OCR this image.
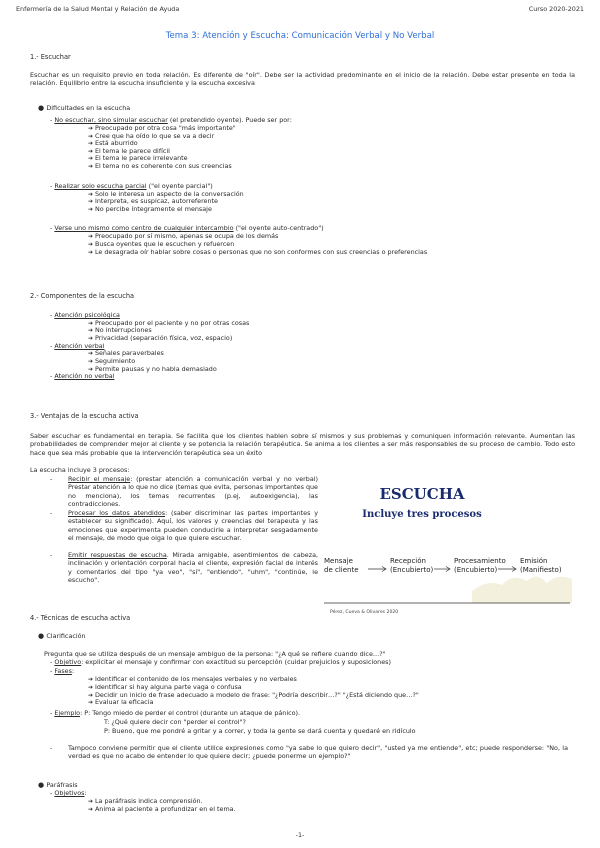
Enfermería de la Salud Mental y Relación de Ayuda	Curso 2020-2021
Tema 3: Atención y Escucha: Comunicación Verbal y No Verbal
1.- Escuchar
Escuchar es un requisito previo en toda relación. Es diferente de "oír". Debe ser la actividad predominante en el inicio de la relación. Debe estar presente en toda la relación. Equilibrio entre la escucha insuficiente y la escucha excesiva
● Dificultades en la escucha
- No escuchar, sino simular escuchar (el pretendido oyente). Puede ser por:
➔ Preocupado por otra cosa "más importante"
➔ Cree que ha oído lo que se va a decir
➔ Está aburrido
➔ El tema le parece difícil
➔ El tema le parece irrelevante
➔ El tema no es coherente con sus creencias
- Realizar solo escucha parcial ("el oyente parcial")
➔ Solo le interesa un aspecto de la conversación
➔ Interpreta, es suspicaz, autorreferente
➔ No percibe íntegramente el mensaje
- Verse uno mismo como centro de cualquier intercambio ("el oyente auto-centrado")
➔ Preocupado por sí mismo, apenas se ocupa de los demás
➔ Busca oyentes que le escuchen y refuercen
➔ Le desagrada oír hablar sobre cosas o personas que no son conformes con sus creencias o preferencias
2.- Componentes de la escucha
- Atención psicológica
➔ Preocupado por el paciente y no por otras cosas
➔ No interrupciones
➔ Privacidad (separación física, voz, espacio)
- Atención verbal
➔ Señales paraverbales
➔ Seguimiento
➔ Permite pausas y no habla demasiado
- Atención no verbal
3.- Ventajas de la escucha activa
Saber escuchar es fundamental en terapia. Se facilita que los clientes hablen sobre sí mismos y sus problemas y comuniquen información relevante. Aumentan las probabilidades de comprender mejor al cliente y se potencia la relación terapéutica. Se anima a los clientes a ser más responsables de su proceso de cambio. Todo esto hace que sea más probable que la intervención terapéutica sea un éxito
La escucha incluye 3 procesos:
- Recibir el mensaje: (prestar atención a comunicación verbal y no verbal) Prestar atención a lo que no dice (temas que evita, personas importantes que no menciona), los temas recurrentes (p.ej, autoexigencia), las contradicciones.
- Procesar los datos atendidos: (saber discriminar las partes importantes y establecer su significado). Aquí, los valores y creencias del terapeuta y las emociones que experimenta pueden conducirle a interpretar sesgadamente el mensaje, de modo que oiga lo que quiere escuchar.
- Emitir respuestas de escucha. Mirada amigable, asentimientos de cabeza, inclinación y orientación corporal hacia el cliente, expresión facial de interés y comentarios del tipo "ya veo", "sí", "entiendo", "uhm", "continúe, le escucho".
ESCUCHA
Incluye tres procesos
Mensaje
de cliente
Recepción
(Encubierto)
Procesamiento
(Encubierto)
Emisión
(Manifiesto)
Pérez, Cueva & Olivares 2020
4.- Técnicas de escucha activa
● Clarificación
Pregunta que se utiliza después de un mensaje ambiguo de la persona: "¿A qué se refiere cuando dice…?"
- Objetivo: explicitar el mensaje y confirmar con exactitud su percepción (cuidar prejuicios y suposiciones)
- Fases:
➔ Identificar el contenido de los mensajes verbales y no verbales
➔ Identificar si hay alguna parte vaga o confusa
➔ Decidir un inicio de frase adecuado a modelo de frase: "¿Podría describir…?" "¿Está diciendo que…?"
➔ Evaluar la eficacia
- Ejemplo: P: Tengo miedo de perder el control (durante un ataque de pánico).
T: ¿Qué quiere decir con "perder el control"?
P: Bueno, que me pondré a gritar y a correr, y toda la gente se dará cuenta y quedaré en ridículo
- Tampoco conviene permitir que el cliente utilice expresiones como "ya sabe lo que quiero decir", "usted ya me entiende", etc; puede responderse: "No, la verdad es que no acabo de entender lo que quiere decir; ¿puede ponerme un ejemplo?"
● Paráfrasis
- Objetivos:
➔ La paráfrasis indica comprensión.
➔ Anima al paciente a profundizar en el tema.
-1-
